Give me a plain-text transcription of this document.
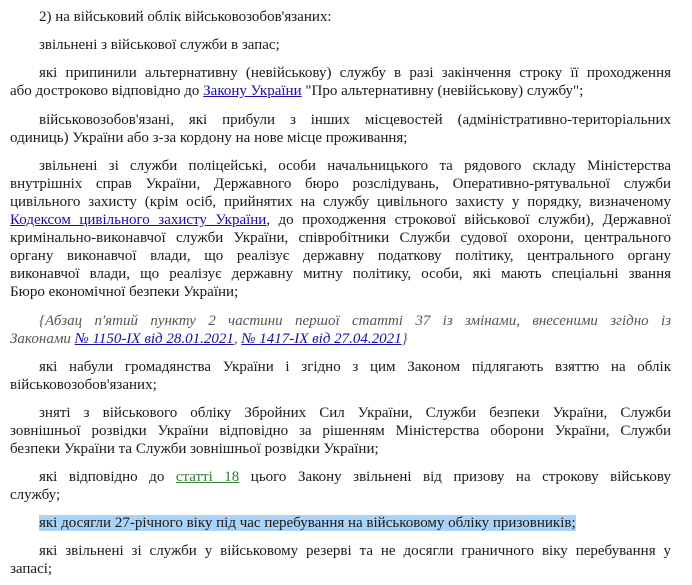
2) на військовий облік військовозобов'язаних:
звільнені з військової служби в запас;
які припинили альтернативну (невійськову) службу в разі закінчення строку її проходження
або достроково відповідно до Закону України "Про альтернативну (невійськову) службу";
військовозобов'язані, які прибули з інших місцевостей (адміністративно-територіальних
одиниць) України або з-за кордону на нове місце проживання;
звільнені зі служби поліцейські, особи начальницького та рядового складу Міністерства
внутрішніх справ України, Державного бюро розслідувань, Оперативно-рятувальної служби
цивільного захисту (крім осіб, прийнятих на службу цивільного захисту у порядку, визначеному
Кодексом цивільного захисту України, до проходження строкової військової служби), Державної
кримінально-виконавчої служби України, співробітники Служби судової охорони, центрального
органу виконавчої влади, що реалізує державну податкову політику, центрального органу
виконавчої влади, що реалізує державну митну політику, особи, які мають спеціальні звання
Бюро економічної безпеки України;
{Абзац п'ятий пункту 2 частини першої статті 37 із змінами, внесеними згідно із
Законами № 1150-IX від 28.01.2021, № 1417-IX від 27.04.2021}
які набули громадянства України і згідно з цим Законом підлягають взяттю на облік
військовозобов'язаних;
зняті з військового обліку Збройних Сил України, Служби безпеки України, Служби
зовнішньої розвідки України відповідно за рішенням Міністерства оборони України, Служби
безпеки України та Служби зовнішньої розвідки України;
які відповідно до статті 18 цього Закону звільнені від призову на строкову військову
службу;
які досягли 27-річного віку під час перебування на військовому обліку призовників;
які звільнені зі служби у військовому резерві та не досягли граничного віку перебування у
запасі;
